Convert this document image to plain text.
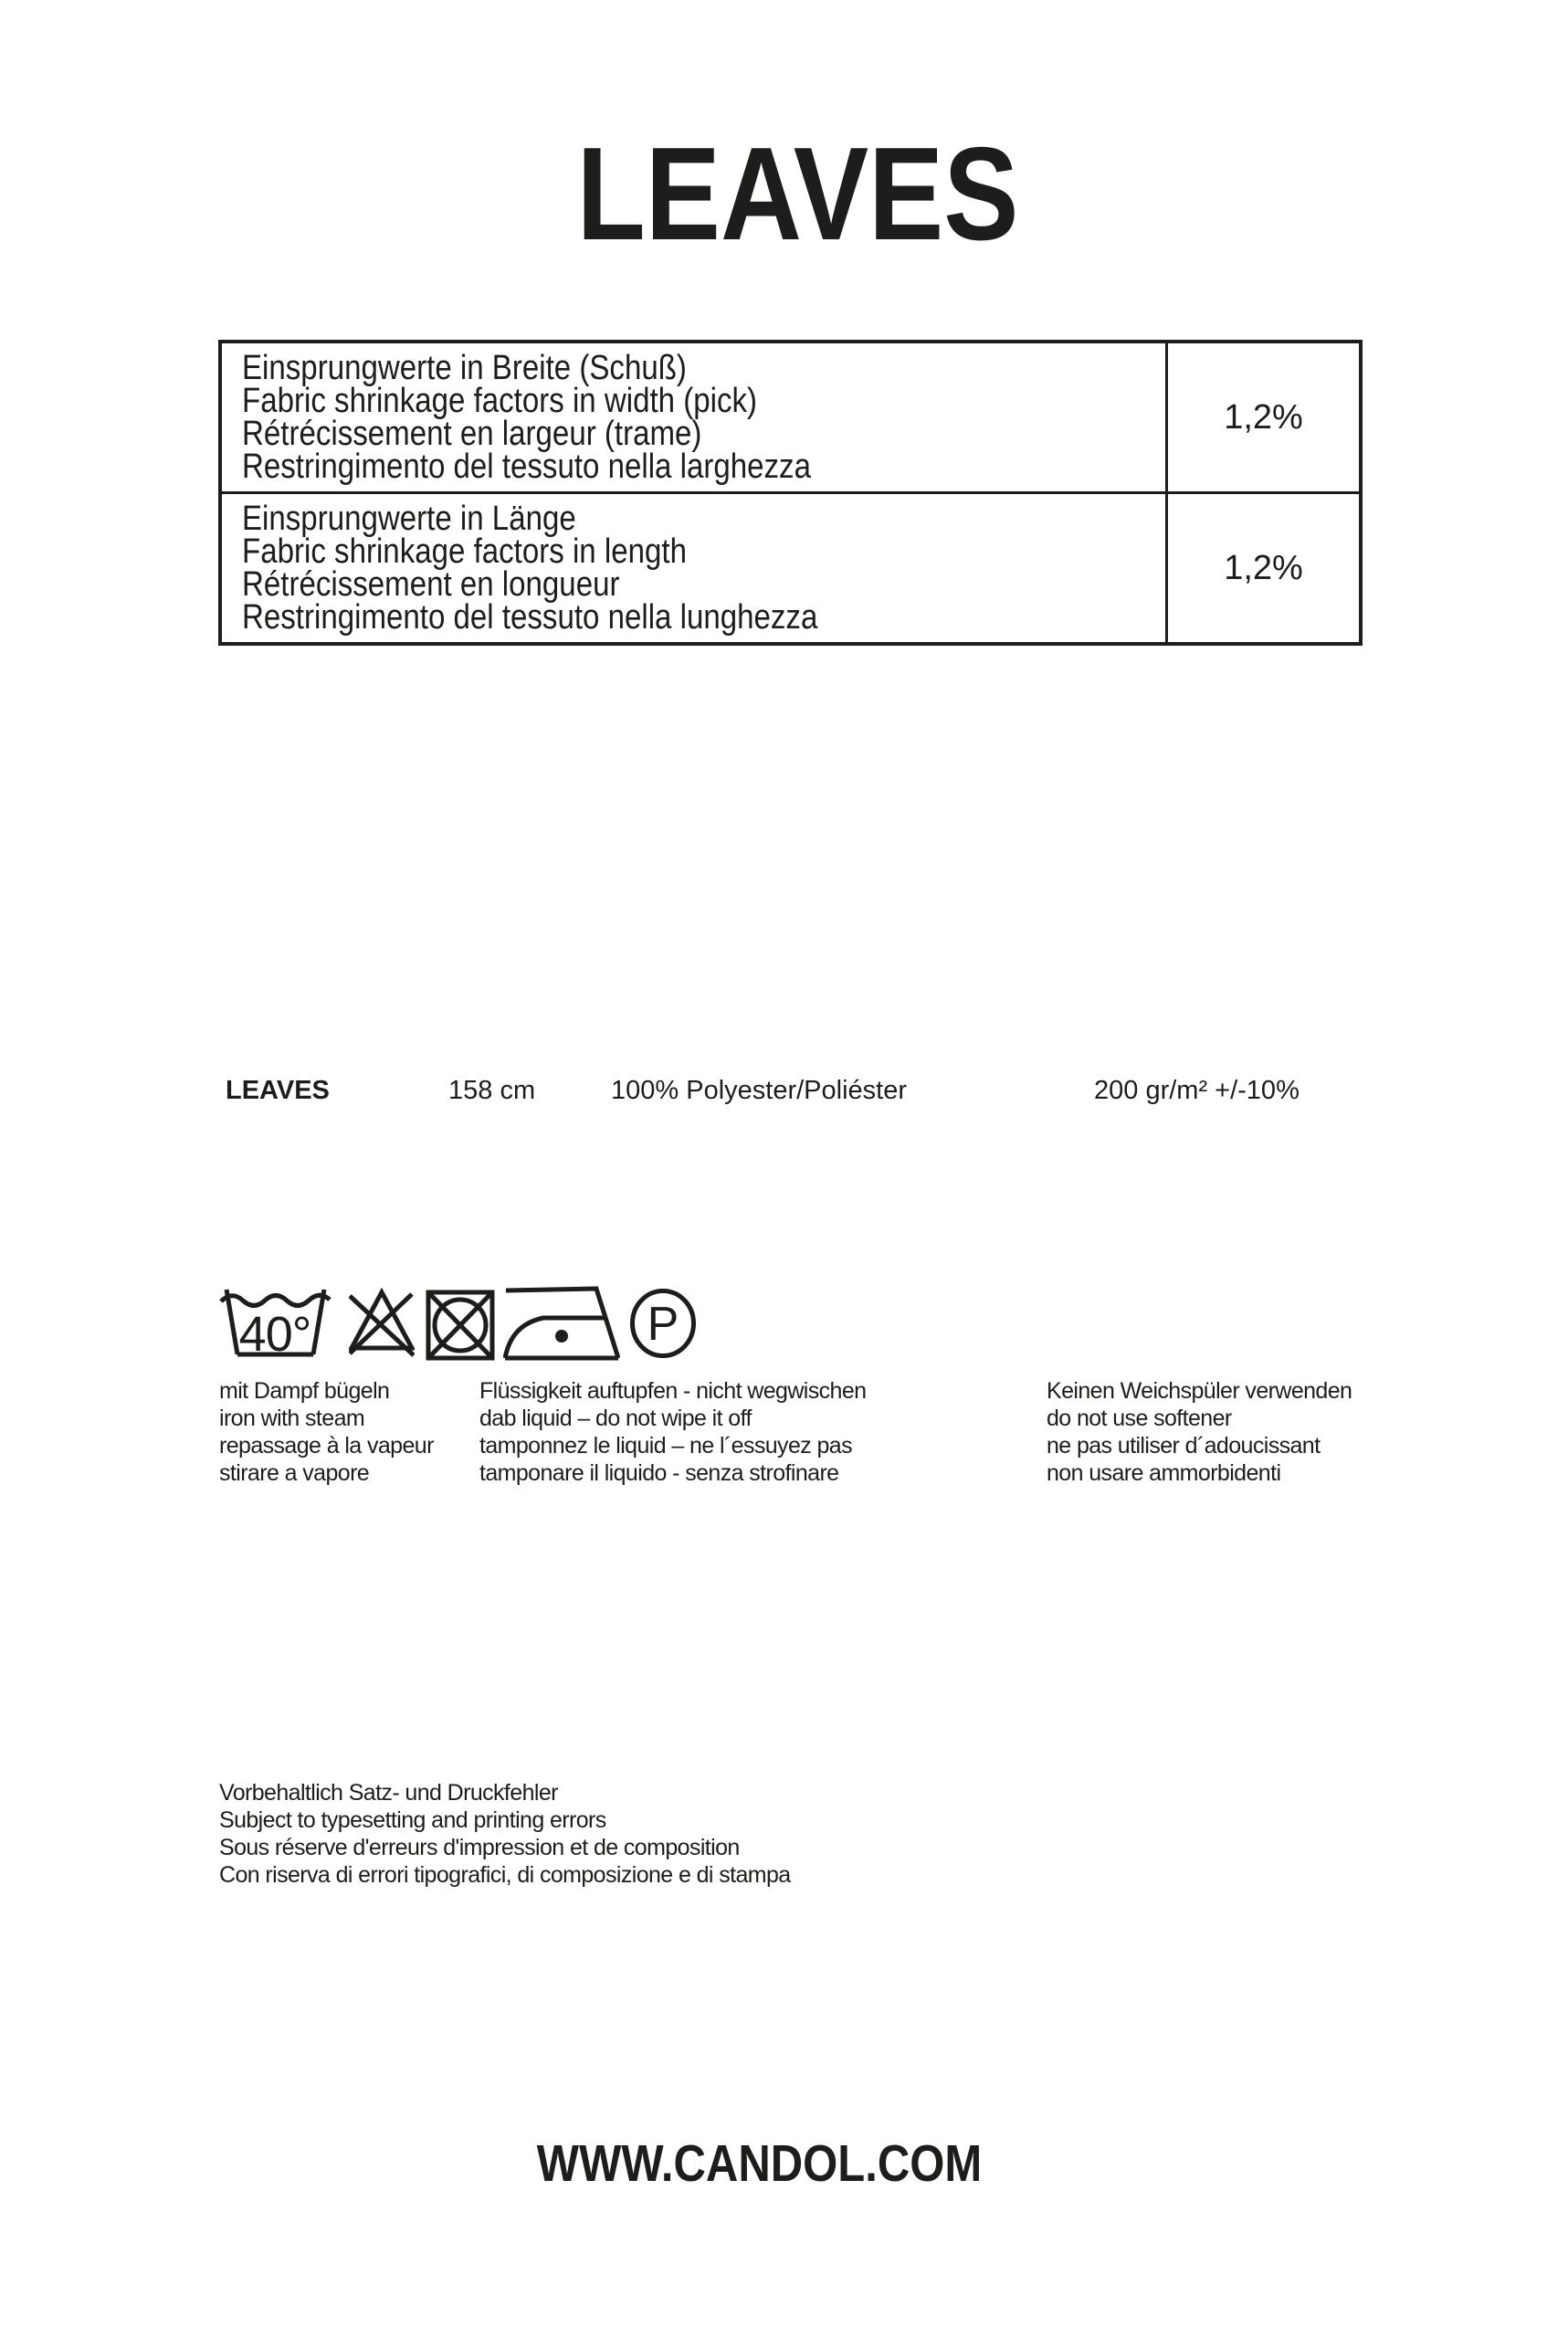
LEAVES
Einsprungwerte in Breite (Schuß)
Fabric shrinkage factors in width (pick)
Rétrécissement en largeur (trame)
Restringimento del tessuto nella larghezza
1,2%
Einsprungwerte in Länge
Fabric shrinkage factors in length
Rétrécissement en longueur
Restringimento del tessuto nella lunghezza
1,2%
LEAVES	158 cm	100% Polyester/Poliéster	200 gr/m² +/-10%
40°	P
mit Dampf bügeln
iron with steam
repassage à la vapeur
stirare a vapore
Flüssigkeit auftupfen - nicht wegwischen
dab liquid – do not wipe it off
tamponnez le liquid – ne l´essuyez pas
tamponare il liquido - senza strofinare
Keinen Weichspüler verwenden
do not use softener
ne pas utiliser d´adoucissant
non usare ammorbidenti
Vorbehaltlich Satz- und Druckfehler
Subject to typesetting and printing errors
Sous réserve d'erreurs d'impression et de composition
Con riserva di errori tipografici, di composizione e di stampa
WWW.CANDOL.COM
